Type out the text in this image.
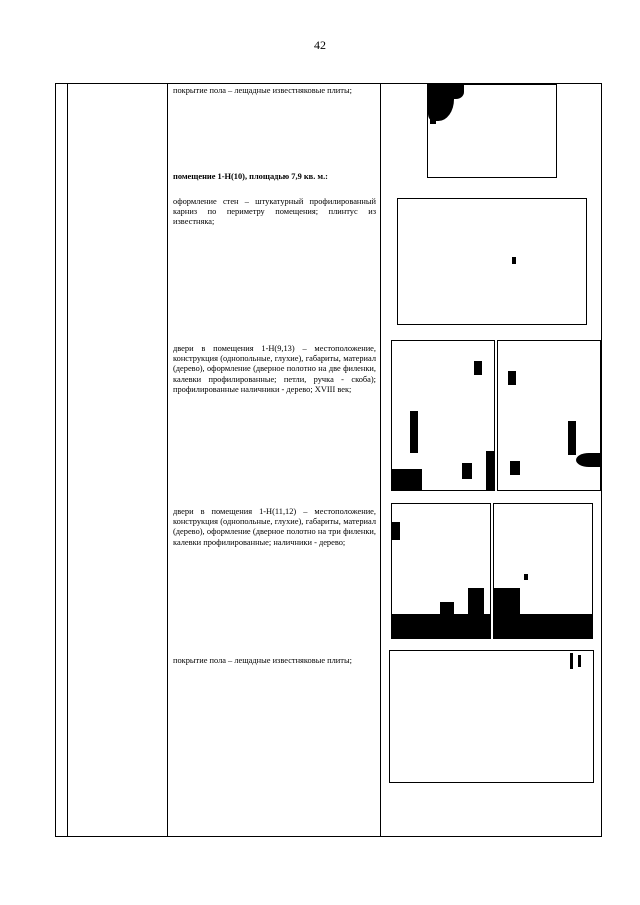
42
покрытие пола – лещадные известняковые плиты;
помещение 1-Н(10), площадью 7,9 кв. м.:
оформление стен – штукатурный профилированный карниз по периметру помещения; плинтус из известняка;
двери в помещения 1-Н(9,13) – местоположение, конструкция (однопольные, глухие), габариты, материал (дерево), оформление (дверное полотно на две филенки, калевки профилированные; петли, ручка - скоба); профилированные наличники - дерево; XVIII век;
двери в помещения 1-Н(11,12) – местоположение, конструкция (однопольные, глухие), габариты, материал (дерево), оформление (дверное полотно на три филенки, калевки профилированные; наличники - дерево;
покрытие пола – лещадные известняковые плиты;
